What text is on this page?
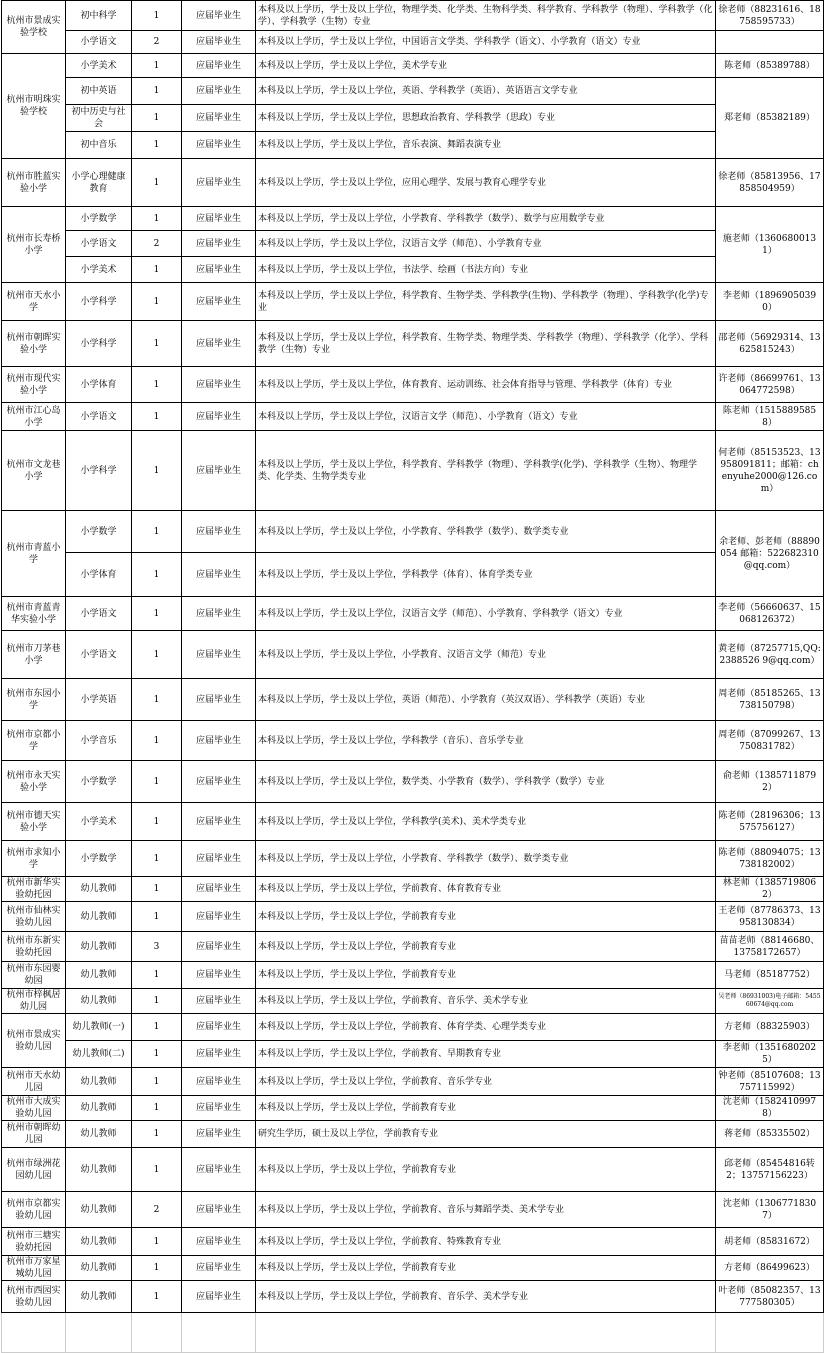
杭州市景成实验学校	初中科学	1	应届毕业生	本科及以上学历，学士及以上学位，物理学类、化学类、生物科学类、科学教育、学科教学（物理）、学科教学（化学）、学科教学（生物）专业	徐老师（88231616、18758595733）
	小学语文	2	应届毕业生	本科及以上学历，学士及以上学位，中国语言文学类、学科教学（语文）、小学教育（语文）专业	
杭州市明珠实验学校	小学美术	1	应届毕业生	本科及以上学历，学士及以上学位，美术学专业	陈老师（85389788）
	初中英语	1	应届毕业生	本科及以上学历，学士及以上学位，英语、学科教学（英语）、英语语言文学专业	郑老师（85382189）
	初中历史与社会	1	应届毕业生	本科及以上学历，学士及以上学位，思想政治教育、学科教学（思政）专业	
	初中音乐	1	应届毕业生	本科及以上学历，学士及以上学位，音乐表演、舞蹈表演专业	
杭州市胜蓝实验小学	小学心理健康教育	1	应届毕业生	本科及以上学历，学士及以上学位，应用心理学、发展与教育心理学专业	徐老师（85813956、17858504959）
杭州市长寿桥小学	小学数学	1	应届毕业生	本科及以上学历，学士及以上学位，小学教育、学科教学（数学）、数学与应用数学专业	施老师（13606800131）
	小学语文	2	应届毕业生	本科及以上学历，学士及以上学位，汉语言文学（师范）、小学教育专业	
	小学美术	1	应届毕业生	本科及以上学历，学士及以上学位，书法学、绘画（书法方向）专业	
杭州市天水小学	小学科学	1	应届毕业生	本科及以上学历，学士及以上学位，科学教育、生物学类、学科教学(生物)、学科教学（物理）、学科教学(化学)专业	李老师（18969050390）
杭州市朝晖实验小学	小学科学	1	应届毕业生	本科及以上学历，学士及以上学位，科学教育、生物学类、物理学类、学科教学（物理）、学科教学（化学）、学科教学（生物）专业	邵老师（56929314、13625815243）
杭州市现代实验小学	小学体育	1	应届毕业生	本科及以上学历，学士及以上学位，体育教育、运动训练、社会体育指导与管理、学科教学（体育）专业	许老师（86699761、13064772598）
杭州市江心岛小学	小学语文	1	应届毕业生	本科及以上学历，学士及以上学位，汉语言文学（师范）、小学教育（语文）专业	陈老师（15158895858）
杭州市文龙巷小学	小学科学	1	应届毕业生	本科及以上学历，学士及以上学位，科学教育、学科教学（物理）、学科教学(化学)、学科教学（生物）、物理学类、化学类、生物学类专业	何老师（85153523、13958091811；邮箱：chenyuhe2000@126.com）
杭州市青蓝小学	小学数学	1	应届毕业生	本科及以上学历，学士及以上学位，小学教育、学科教学（数学）、数学类专业	余老师、彭老师（88890054 邮箱：522682310@qq.com）
	小学体育	1	应届毕业生	本科及以上学历，学士及以上学位，学科教学（体育）、体育学类专业	
杭州市青蓝青华实验小学	小学语文	1	应届毕业生	本科及以上学历，学士及以上学位，汉语言文学（师范）、小学教育、学科教学（语文）专业	李老师（56660637、15068126372）
杭州市刀茅巷小学	小学语文	1	应届毕业生	本科及以上学历，学士及以上学位，小学教育、汉语言文学（师范）专业	黄老师（87257715,QQ:2388526 9@qq.com）
杭州市东园小学	小学英语	1	应届毕业生	本科及以上学历，学士及以上学位，英语（师范）、小学教育（英汉双语）、学科教学（英语）专业	周老师（85185265、13738150798）
杭州市京都小学	小学音乐	1	应届毕业生	本科及以上学历，学士及以上学位，学科教学（音乐）、音乐学专业	周老师（87099267、13750831782）
杭州市永天实验小学	小学数学	1	应届毕业生	本科及以上学历，学士及以上学位，数学类、小学教育（数学）、学科教学（数学）专业	俞老师（13857118792）
杭州市德天实验小学	小学美术	1	应届毕业生	本科及以上学历，学士及以上学位，学科教学(美术)、美术学类专业	陈老师（28196306；13575756127）
杭州市求知小学	小学数学	1	应届毕业生	本科及以上学历，学士及以上学位，小学教育、学科教学（数学）、数学类专业	陈老师（88094075；13738182002）
杭州市新华实验幼托园	幼儿教师	1	应届毕业生	本科及以上学历，学士及以上学位，学前教育、体育教育专业	林老师（13857198062）
杭州市仙林实验幼儿园	幼儿教师	1	应届毕业生	本科及以上学历，学士及以上学位，学前教育专业	王老师（87786373、13958130834）
杭州市东新实验幼托园	幼儿教师	3	应届毕业生	本科及以上学历，学士及以上学位，学前教育专业	苗苗老师（88146680、13758172657）
杭州市东园婴幼园	幼儿教师	1	应届毕业生	本科及以上学历，学士及以上学位，学前教育专业	马老师（85187752）
杭州市梓枫居幼儿园	幼儿教师	1	应届毕业生	本科及以上学历，学士及以上学位，学前教育、音乐学、美术学专业	吴老师（86931003)电子邮箱：545560674@qq.com
杭州市景成实验幼儿园	幼儿教师(一)	1	应届毕业生	本科及以上学历，学士及以上学位，学前教育、体育学类、心理学类专业	方老师（88325903）
	幼儿教师(二)	1	应届毕业生	本科及以上学历，学士及以上学位，学前教育、早期教育专业	李老师（13516802025）
杭州市天水幼儿园	幼儿教师	1	应届毕业生	本科及以上学历，学士及以上学位，学前教育、音乐学专业	钟老师（85107608；13757115992）
杭州市大成实验幼儿园	幼儿教师	1	应届毕业生	本科及以上学历，学士及以上学位，学前教育专业	沈老师（15824109978）
杭州市朝晖幼儿园	幼儿教师	1	应届毕业生	研究生学历，硕士及以上学位，学前教育专业	蒋老师（85335502）
杭州市绿洲花园幼儿园	幼儿教师	1	应届毕业生	本科及以上学历，学士及以上学位，学前教育专业	邱老师（85454816转2；13757156223）
杭州市京都实验幼儿园	幼儿教师	2	应届毕业生	本科及以上学历，学士及以上学位，学前教育、音乐与舞蹈学类、美术学专业	沈老师（13067718307）
杭州市三塘实验幼托园	幼儿教师	1	应届毕业生	本科及以上学历，学士及以上学位，学前教育、特殊教育专业	胡老师（85831672）
杭州市万家星城幼儿园	幼儿教师	1	应届毕业生	本科及以上学历，学士及以上学位，学前教育专业	方老师（86499623）
杭州市西园实验幼儿园	幼儿教师	1	应届毕业生	本科及以上学历，学士及以上学位，学前教育、音乐学、美术学专业	叶老师（85082357、13777580305）
